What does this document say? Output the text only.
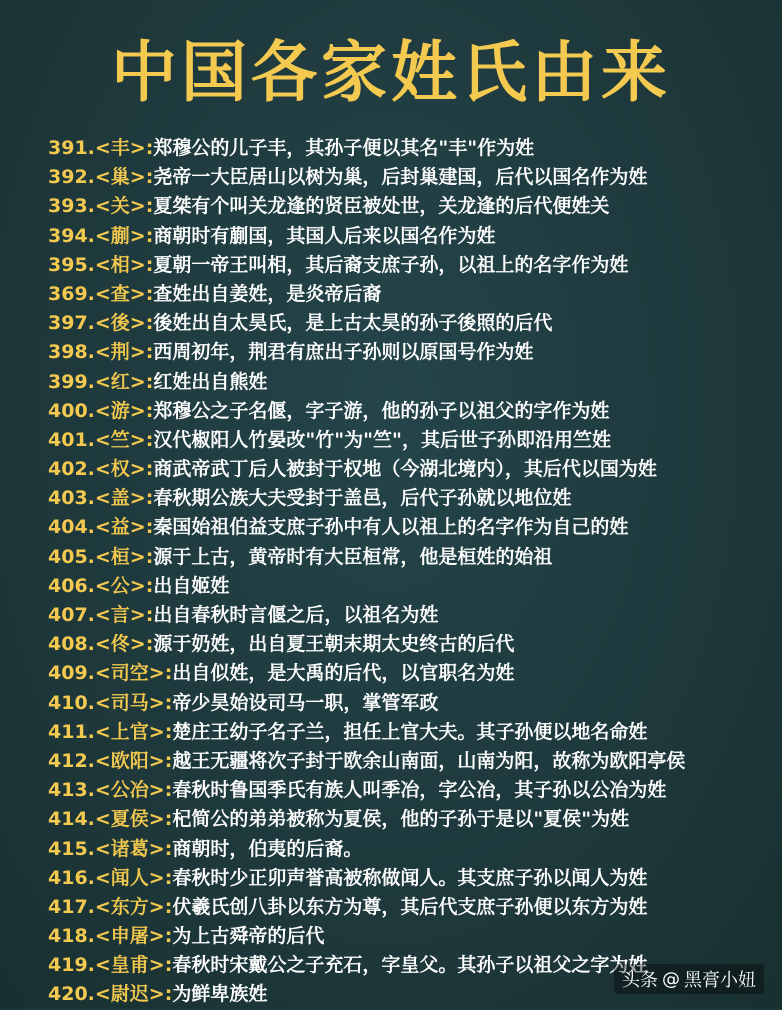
中国各家姓氏由来
391.<丰>:郑穆公的儿子丰，其孙子便以其名"丰"作为姓
392.<巢>:尧帝一大臣居山以树为巢，后封巢建国，后代以国名作为姓
393.<关>:夏桀有个叫关龙逢的贤臣被处世，关龙逢的后代便姓关
394.<蒯>:商朝时有蒯国，其国人后来以国名作为姓
395.<相>:夏朝一帝王叫相，其后裔支庶子孙，以祖上的名字作为姓
369.<查>:查姓出自姜姓，是炎帝后裔
397.<後>:後姓出自太昊氏，是上古太昊的孙子後照的后代
398.<荆>:西周初年，荆君有庶出子孙则以原国号作为姓
399.<红>:红姓出自熊姓
400.<游>:郑穆公之子名偃，字子游，他的孙子以祖父的字作为姓
401.<竺>:汉代椒阳人竹晏改"竹"为"竺"，其后世子孙即沿用竺姓
402.<权>:商武帝武丁后人被封于权地（今湖北境内），其后代以国为姓
403.<盖>:春秋期公族大夫受封于盖邑，后代子孙就以地位姓
404.<益>:秦国始祖伯益支庶子孙中有人以祖上的名字作为自己的姓
405.<桓>:源于上古，黄帝时有大臣桓常，他是桓姓的始祖
406.<公>:出自姬姓
407.<言>:出自春秋时言偃之后，以祖名为姓
408.<佟>:源于奶姓，出自夏王朝末期太史终古的后代
409.<司空>:出自似姓，是大禹的后代，以官职名为姓
410.<司马>:帝少昊始设司马一职，掌管军政
411.<上官>:楚庄王幼子名子兰，担任上官大夫。其子孙便以地名命姓
412.<欧阳>:越王无疆将次子封于欧余山南面，山南为阳，故称为欧阳亭侯
413.<公冶>:春秋时鲁国季氏有族人叫季冶，字公冶，其子孙以公冶为姓
414.<夏侯>:杞简公的弟弟被称为夏侯，他的子孙于是以"夏侯"为姓
415.<诸葛>:商朝时，伯夷的后裔。
416.<闻人>:春秋时少正卯声誉高被称做闻人。其支庶子孙以闻人为姓
417.<东方>:伏羲氏创八卦以东方为尊，其后代支庶子孙便以东方为姓
418.<申屠>:为上古舜帝的后代
419.<皇甫>:春秋时宋戴公之子充石，字皇父。其孙子以祖父之字为姓
420.<尉迟>:为鲜卑族姓
头条 @ 黑膏小妞
